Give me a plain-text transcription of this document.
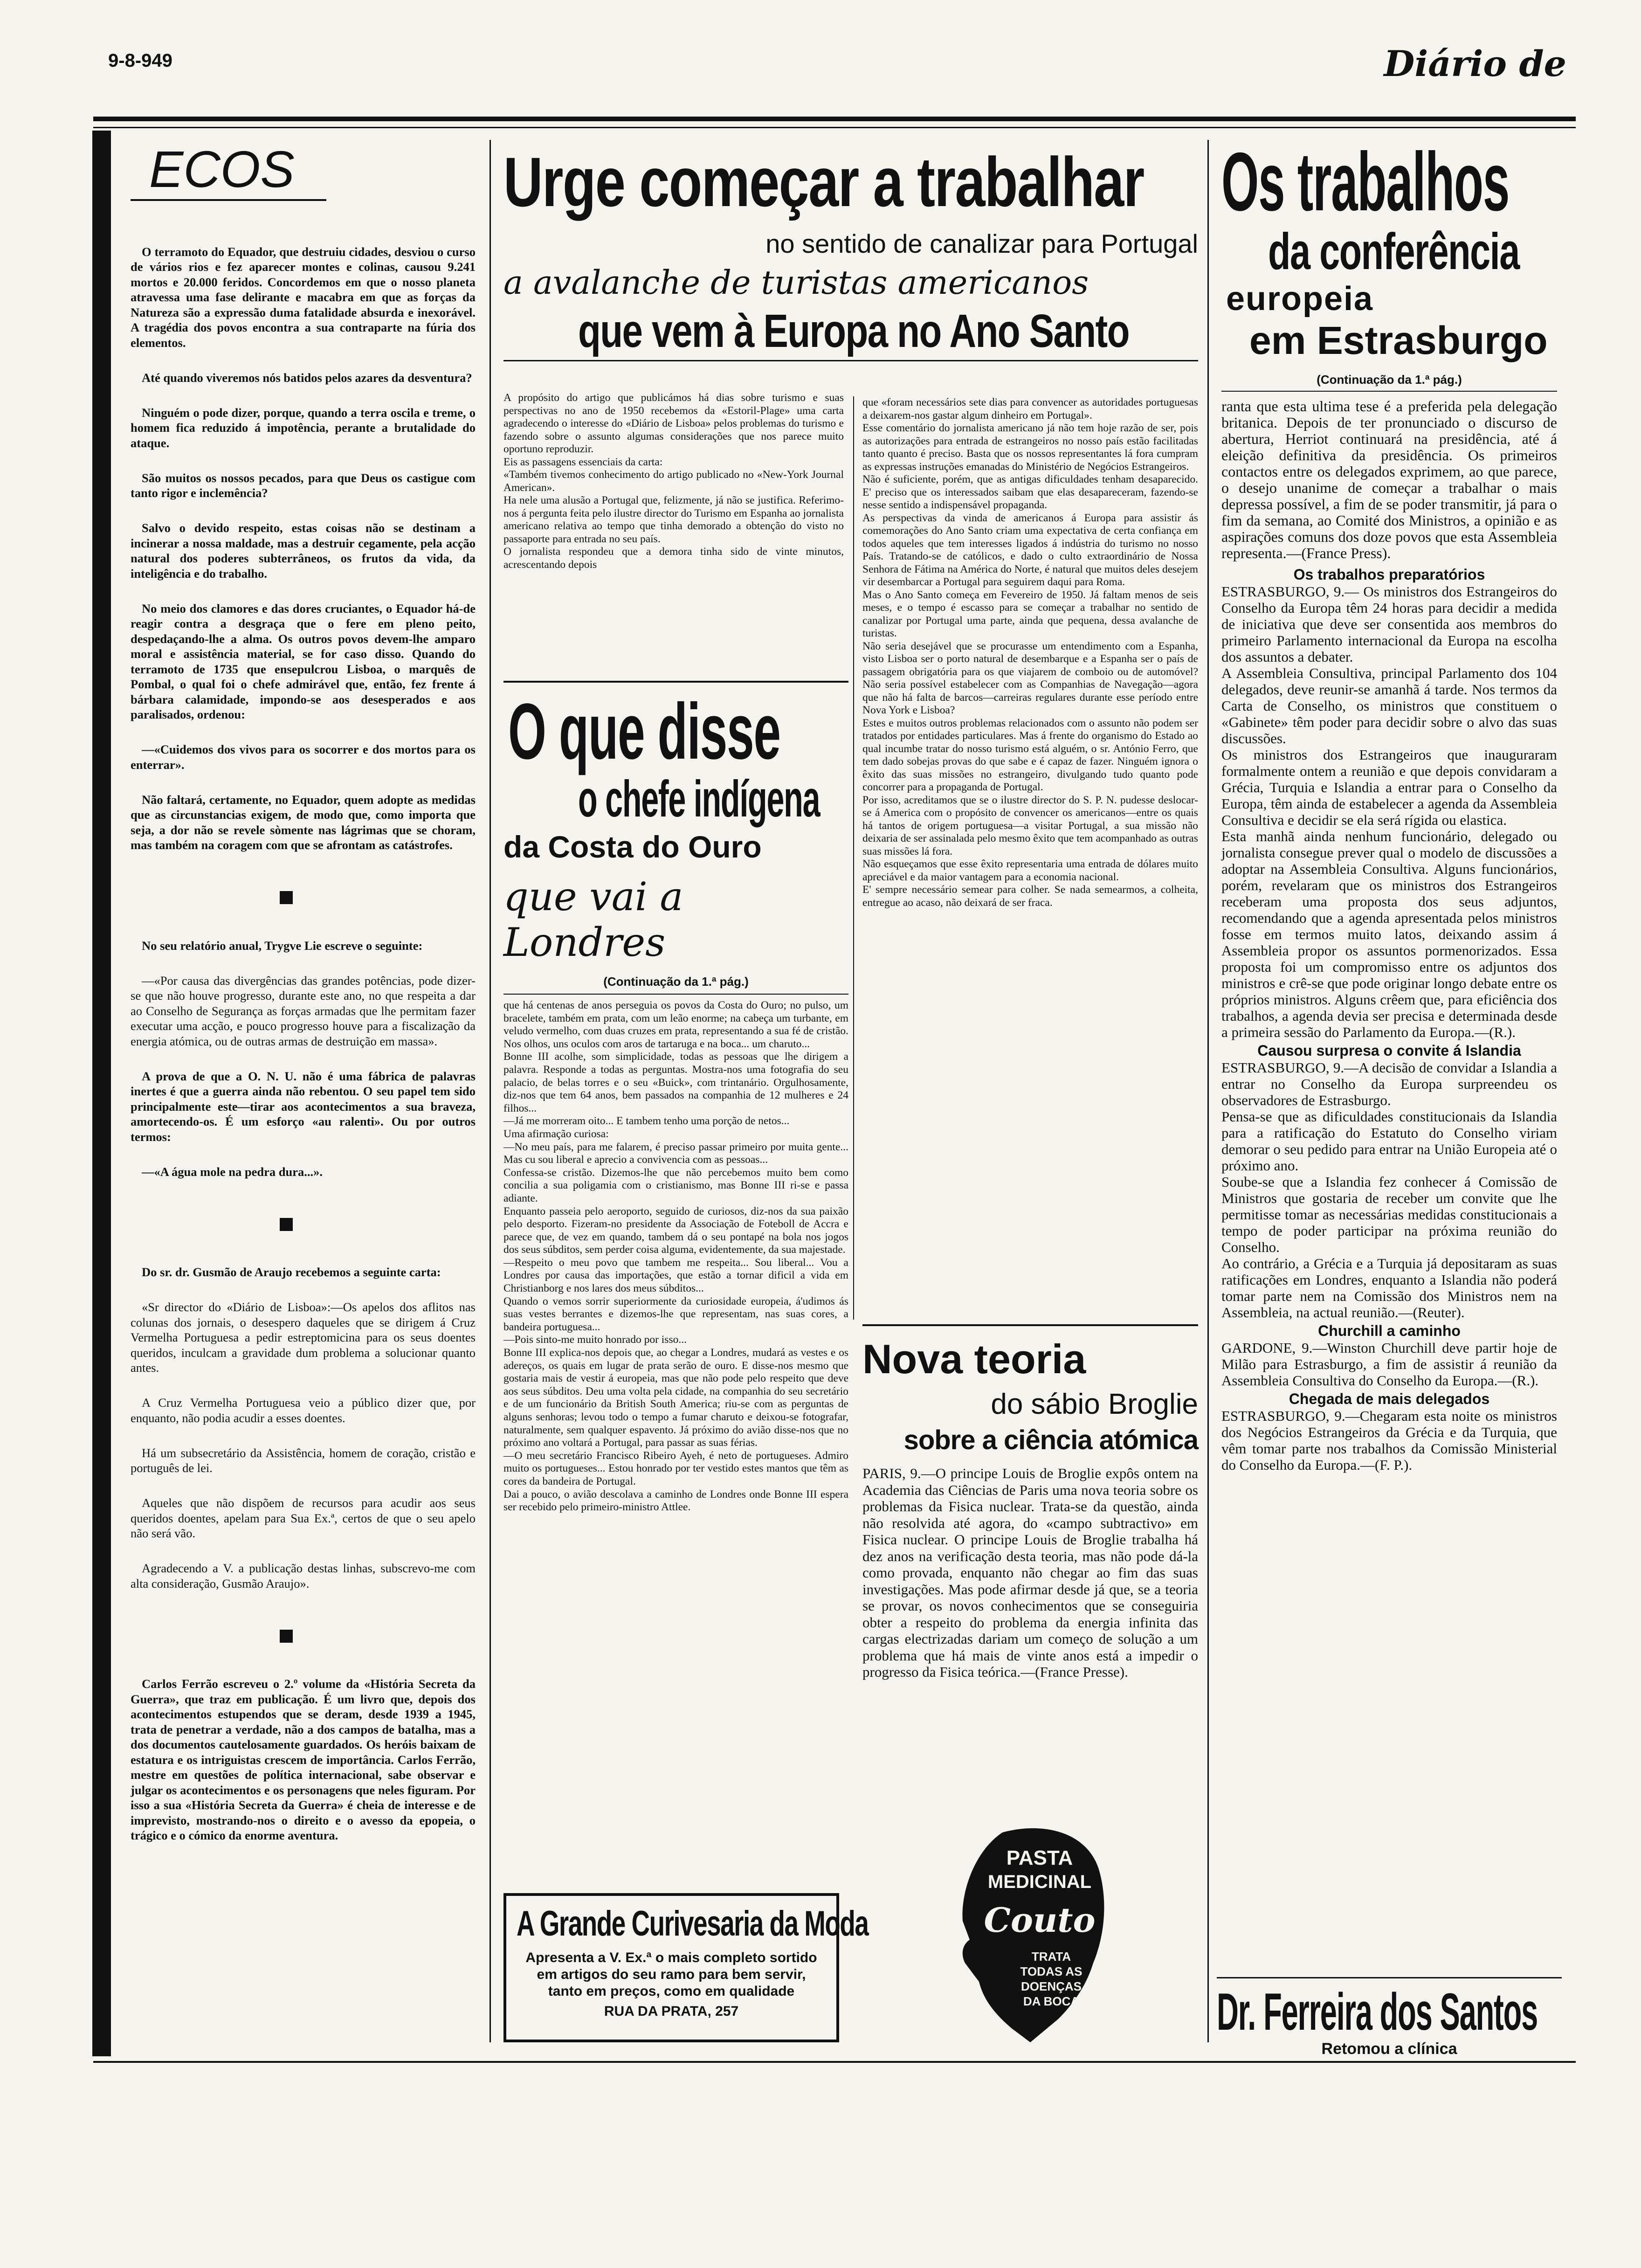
9-8-949	Diário de
ECOS

O terramoto do Equador, que destruiu cidades, desviou o curso de vários rios e fez aparecer montes e colinas, causou 9.241 mortos e 20.000 feridos. Concordemos em que o nosso planeta atravessa uma fase delirante e macabra em que as forças da Natureza são a expressão duma fatalidade absurda e inexorável. A tragédia dos povos encontra a sua contraparte na fúria dos elementos.

Até quando viveremos nós batidos pelos azares da desventura?

Ninguém o pode dizer, porque, quando a terra oscila e treme, o homem fica reduzido á impotência, perante a brutalidade do ataque.

São muitos os nossos pecados, para que Deus os castigue com tanto rigor e inclemência?

Salvo o devido respeito, estas coisas não se destinam a incinerar a nossa maldade, mas a destruir cegamente, pela acção natural dos poderes subterrâneos, os frutos da vida, da inteligência e do trabalho.

No meio dos clamores e das dores cruciantes, o Equador há-de reagir contra a desgraça que o fere em pleno peito, despedaçando-lhe a alma. Os outros povos devem-lhe amparo moral e assistência material, se for caso disso. Quando do terramoto de 1735 que ensepulcrou Lisboa, o marquês de Pombal, o qual foi o chefe admirável que, então, fez frente á bárbara calamidade, impondo-se aos desesperados e aos paralisados, ordenou:

—«Cuidemos dos vivos para os socorrer e dos mortos para os enterrar».

Não faltará, certamente, no Equador, quem adopte as medidas que as circunstancias exigem, de modo que, como importa que seja, a dor não se revele sòmente nas lágrimas que se choram, mas também na coragem com que se afrontam as catástrofes.

No seu relatório anual, Trygve Lie escreve o seguinte:

—«Por causa das divergências das grandes potências, pode dizer-se que não houve progresso, durante este ano, no que respeita a dar ao Conselho de Segurança as forças armadas que lhe permitam fazer executar uma acção, e pouco progresso houve para a fiscalização da energia atómica, ou de outras armas de destruição em massa».

A prova de que a O. N. U. não é uma fábrica de palavras inertes é que a guerra ainda não rebentou. O seu papel tem sido principalmente este—tirar aos acontecimentos a sua braveza, amortecendo-os. É um esforço «au ralenti». Ou por outros termos:

—«A água mole na pedra dura...».

Do sr. dr. Gusmão de Araujo recebemos a seguinte carta:

«Sr director do «Diário de Lisboa»:—Os apelos dos aflitos nas colunas dos jornais, o desespero daqueles que se dirigem á Cruz Vermelha Portuguesa a pedir estreptomicina para os seus doentes queridos, inculcam a gravidade dum problema a solucionar quanto antes.

A Cruz Vermelha Portuguesa veio a público dizer que, por enquanto, não podia acudir a esses doentes.

Há um subsecretário da Assistência, homem de coração, cristão e português de lei.

Aqueles que não dispõem de recursos para acudir aos seus queridos doentes, apelam para Sua Ex.ª, certos de que o seu apelo não será vão.

Agradecendo a V. a publicação destas linhas, subscrevo-me com alta consideração, Gusmão Araujo».

Carlos Ferrão escreveu o 2.º volume da «História Secreta da Guerra», que traz em publicação. É um livro que, depois dos acontecimentos estupendos que se deram, desde 1939 a 1945, trata de penetrar a verdade, não a dos campos de batalha, mas a dos documentos cautelosamente guardados. Os heróis baixam de estatura e os intriguistas crescem de importância. Carlos Ferrão, mestre em questões de política internacional, sabe observar e julgar os acontecimentos e os personagens que neles figuram. Por isso a sua «História Secreta da Guerra» é cheia de interesse e de imprevisto, mostrando-nos o direito e o avesso da epopeia, o trágico e o cómico da enorme aventura.

Urge começar a trabalhar
no sentido de canalizar para Portugal
a avalanche de turistas americanos
que vem à Europa no Ano Santo
A propósito do artigo que publicámos há dias sobre turismo e suas perspectivas no ano de 1950 recebemos da «Estoril-Plage» uma carta agradecendo o interesse do «Diário de Lisboa» pelos problemas do turismo e fazendo sobre o assunto algumas considerações que nos parece muito oportuno reproduzir.
Eis as passagens essenciais da carta:
«Também tivemos conhecimento do artigo publicado no «New-York Journal American».
Ha nele uma alusão a Portugal que, felizmente, já não se justifica. Referimo-nos á pergunta feita pelo ilustre director do Turismo em Espanha ao jornalista americano relativa ao tempo que tinha demorado a obtenção do visto no passaporte para entrada no seu país.
O jornalista respondeu que a demora tinha sido de vinte minutos, acrescentando depois
que «foram necessários sete dias para convencer as autoridades portuguesas a deixarem-nos gastar algum dinheiro em Portugal».
Esse comentário do jornalista americano já não tem hoje razão de ser, pois as autorizações para entrada de estrangeiros no nosso país estão facilitadas tanto quanto é preciso. Basta que os nossos representantes lá fora cumpram as expressas instruções emanadas do Ministério de Negócios Estrangeiros.
Não é suficiente, porém, que as antigas dificuldades tenham desaparecido. E' preciso que os interessados saibam que elas desapareceram, fazendo-se nesse sentido a indispensável propaganda.
As perspectivas da vinda de americanos á Europa para assistir ás comemorações do Ano Santo criam uma expectativa de certa confiança em todos aqueles que tem interesses ligados á indústria do turismo no nosso País. Tratando-se de católicos, e dado o culto extraordinário de Nossa Senhora de Fátima na América do Norte, é natural que muitos deles desejem vir desembarcar a Portugal para seguirem daqui para Roma.
Mas o Ano Santo começa em Fevereiro de 1950. Já faltam menos de seis meses, e o tempo é escasso para se começar a trabalhar no sentido de canalizar por Portugal uma parte, ainda que pequena, dessa avalanche de turistas.
Não seria desejável que se procurasse um entendimento com a Espanha, visto Lisboa ser o porto natural de desembarque e a Espanha ser o país de passagem obrigatória para os que viajarem de comboio ou de automóvel? Não seria possível estabelecer com as Companhias de Navegação—agora que não há falta de barcos—carreiras regulares durante esse período entre Nova York e Lisboa?
Estes e muitos outros problemas relacionados com o assunto não podem ser tratados por entidades particulares. Mas á frente do organismo do Estado ao qual incumbe tratar do nosso turismo está alguém, o sr. António Ferro, que tem dado sobejas provas do que sabe e é capaz de fazer. Ninguém ignora o êxito das suas missões no estrangeiro, divulgando tudo quanto pode concorrer para a propaganda de Portugal.
Por isso, acreditamos que se o ilustre director do S. P. N. pudesse deslocar-se á America com o propósito de convencer os americanos—entre os quais há tantos de origem portuguesa—a visitar Portugal, a sua missão não deixaria de ser assinalada pelo mesmo êxito que tem acompanhado as outras suas missões lá fora.
Não esqueçamos que esse êxito representaria uma entrada de dólares muito apreciável e da maior vantagem para a economia nacional.
E' sempre necessário semear para colher. Se nada semearmos, a colheita, entregue ao acaso, não deixará de ser fraca.
O que disse
o chefe indígena
da Costa do Ouro
que vai a Londres
(Continuação da 1.ª pág.)
que há centenas de anos perseguia os povos da Costa do Ouro; no pulso, um bracelete, também em prata, com um leão enorme; na cabeça um turbante, em veludo vermelho, com duas cruzes em prata, representando a sua fé de cristão. Nos olhos, uns oculos com aros de tartaruga e na boca... um charuto...
Bonne III acolhe, som simplicidade, todas as pessoas que lhe dirigem a palavra. Responde a todas as perguntas. Mostra-nos uma fotografia do seu palacio, de belas torres e o seu «Buick», com trintanário. Orgulhosamente, diz-nos que tem 64 anos, bem passados na companhia de 12 mulheres e 24 filhos...
—Já me morreram oito... E tambem tenho uma porção de netos...
Uma afirmação curiosa:
—No meu país, para me falarem, é preciso passar primeiro por muita gente... Mas cu sou liberal e aprecio a convivencia com as pessoas...
Confessa-se cristão. Dizemos-lhe que não percebemos muito bem como concilia a sua poligamia com o cristianismo, mas Bonne III ri-se e passa adiante.
Enquanto passeia pelo aeroporto, seguido de curiosos, diz-nos da sua paixão pelo desporto. Fizeram-no presidente da Associação de Foteboll de Accra e parece que, de vez em quando, tambem dá o seu pontapé na bola nos jogos dos seus súbditos, sem perder coisa alguma, evidentemente, da sua majestade.
—Respeito o meu povo que tambem me respeita... Sou liberal... Vou a Londres por causa das importações, que estão a tornar dificil a vida em Christianborg e nos lares dos meus súbditos...
Quando o vemos sorrir superiormente da curiosidade europeia, á'udimos ás suas vestes berrantes e dizemos-lhe que representam, nas suas cores, a bandeira portuguesa...
—Pois sinto-me muito honrado por isso...
Bonne III explica-nos depois que, ao chegar a Londres, mudará as vestes e os adereços, os quais em lugar de prata serão de ouro. E disse-nos mesmo que gostaria mais de vestir á europeia, mas que não pode pelo respeito que deve aos seus súbditos. Deu uma volta pela cidade, na companhia do seu secretário e de um funcionário da British South America; riu-se com as perguntas de alguns senhoras; levou todo o tempo a fumar charuto e deixou-se fotografar, naturalmente, sem qualquer espavento. Já próximo do avião disse-nos que no próximo ano voltará a Portugal, para passar as suas férias.
—O meu secretário Francisco Ribeiro Ayeh, é neto de portugueses. Admiro muito os portugueses... Estou honrado por ter vestido estes mantos que têm as cores da bandeira de Portugal.
Dai a pouco, o avião descolava a caminho de Londres onde Bonne III espera ser recebido pelo primeiro-ministro Attlee.
A Grande Curivesaria da Moda
Apresenta a V. Ex.ª o mais completo sortido em artigos do seu ramo para bem servir, tanto em preços, como em qualidade
RUA DA PRATA, 257
Nova teoria
do sábio Broglie
sobre a ciência atómica
PARIS, 9.—O principe Louis de Broglie expôs ontem na Academia das Ciências de Paris uma nova teoria sobre os problemas da Fisica nuclear. Trata-se da questão, ainda não resolvida até agora, do «campo subtractivo» em Fisica nuclear. O principe Louis de Broglie trabalha há dez anos na verificação desta teoria, mas não pode dá-la como provada, enquanto não chegar ao fim das suas investigações. Mas pode afirmar desde já que, se a teoria se provar, os novos conhecimentos que se conseguiria obter a respeito do problema da energia infinita das cargas electrizadas dariam um começo de solução a um problema que há mais de vinte anos está a impedir o progresso da Fisica teórica.—(France Presse).
PASTA
MEDICINAL
Couto
TRATA TODAS AS DOENÇAS DA BOCA
Os trabalhos
da conferência
europeia
em Estrasburgo
(Continuação da 1.ª pág.)
ranta que esta ultima tese é a preferida pela delegação britanica. Depois de ter pronunciado o discurso de abertura, Herriot continuará na presidência, até á eleição definitiva da presidência. Os primeiros contactos entre os delegados exprimem, ao que parece, o desejo unanime de começar a trabalhar o mais depressa possível, a fim de se poder transmitir, já para o fim da semana, ao Comité dos Ministros, a opinião e as aspirações comuns dos doze povos que esta Assembleia representa.—(France Press).
Os trabalhos preparatórios
ESTRASBURGO, 9.— Os ministros dos Estrangeiros do Conselho da Europa têm 24 horas para decidir a medida de iniciativa que deve ser consentida aos membros do primeiro Parlamento internacional da Europa na escolha dos assuntos a debater.
A Assembleia Consultiva, principal Parlamento dos 104 delegados, deve reunir-se amanhã á tarde. Nos termos da Carta de Conselho, os ministros que constituem o «Gabinete» têm poder para decidir sobre o alvo das suas discussões.
Os ministros dos Estrangeiros que inauguraram formalmente ontem a reunião e que depois convidaram a Grécia, Turquia e Islandia a entrar para o Conselho da Europa, têm ainda de estabelecer a agenda da Assembleia Consultiva e decidir se ela será rígida ou elastica.
Esta manhã ainda nenhum funcionário, delegado ou jornalista consegue prever qual o modelo de discussões a adoptar na Assembleia Consultiva. Alguns funcionários, porém, revelaram que os ministros dos Estrangeiros receberam uma proposta dos seus adjuntos, recomendando que a agenda apresentada pelos ministros fosse em termos muito latos, deixando assim á Assembleia propor os assuntos pormenorizados. Essa proposta foi um compromisso entre os adjuntos dos ministros e crê-se que pode originar longo debate entre os próprios ministros. Alguns crêem que, para eficiência dos trabalhos, a agenda devia ser precisa e determinada desde a primeira sessão do Parlamento da Europa.—(R.).
Causou surpresa o convite á Islandia
ESTRASBURGO, 9.—A decisão de convidar a Islandia a entrar no Conselho da Europa surpreendeu os observadores de Estrasburgo.
Pensa-se que as dificuldades constitucionais da Islandia para a ratificação do Estatuto do Conselho viriam demorar o seu pedido para entrar na União Europeia até o próximo ano.
Soube-se que a Islandia fez conhecer á Comissão de Ministros que gostaria de receber um convite que lhe permitisse tomar as necessárias medidas constitucionais a tempo de poder participar na próxima reunião do Conselho.
Ao contrário, a Grécia e a Turquia já depositaram as suas ratificações em Londres, enquanto a Islandia não poderá tomar parte nem na Comissão dos Ministros nem na Assembleia, na actual reunião.—(Reuter).
Churchill a caminho
GARDONE, 9.—Winston Churchill deve partir hoje de Milão para Estrasburgo, a fim de assistir á reunião da Assembleia Consultiva do Conselho da Europa.—(R.).
Chegada de mais delegados
ESTRASBURGO, 9.—Chegaram esta noite os ministros dos Negócios Estrangeiros da Grécia e da Turquia, que vêm tomar parte nos trabalhos da Comissão Ministerial do Conselho da Europa.—(F. P.).
Dr. Ferreira dos Santos
Retomou a clínica
